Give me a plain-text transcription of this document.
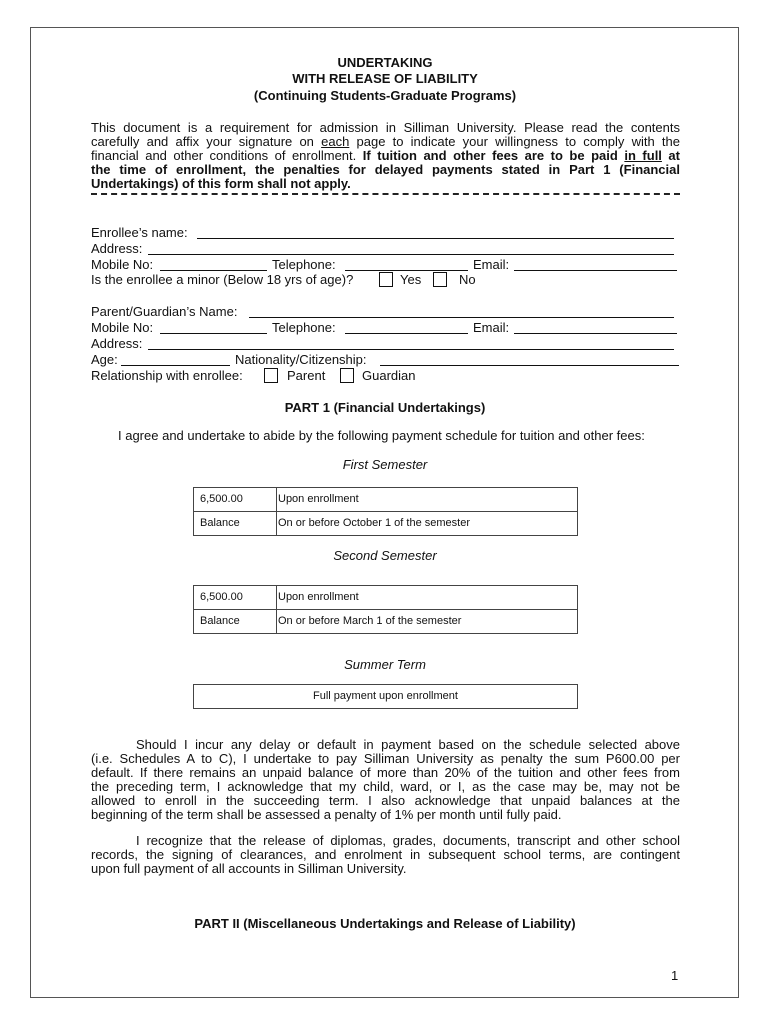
UNDERTAKING
WITH RELEASE OF LIABILITY
(Continuing Students-Graduate Programs)
This document is a requirement for admission in Silliman University. Please read the contents
carefully and affix your signature on each page to indicate your willingness to comply with the
financial and other conditions of enrollment. If tuition and other fees are to be paid in full at
the time of enrollment, the penalties for delayed payments stated in Part 1 (Financial
Undertakings) of this form shall not apply.
Enrollee’s name:
Address:
Mobile No:	Telephone:	Email:
Is the enrollee a minor (Below 18 yrs of age)?	Yes	No
Parent/Guardian’s Name:
Mobile No:	Telephone:	Email:
Address:
Age:	Nationality/Citizenship:
Relationship with enrollee:	Parent	Guardian
PART 1 (Financial Undertakings)
I agree and undertake to abide by the following payment schedule for tuition and other fees:
First Semester
6,500.00	Upon enrollment
Balance	On or before October 1 of the semester
Second Semester
6,500.00	Upon enrollment
Balance	On or before March 1 of the semester
Summer Term
Full payment upon enrollment
Should I incur any delay or default in payment based on the schedule selected above
(i.e. Schedules A to C), I undertake to pay Silliman University as penalty the sum P600.00 per
default. If there remains an unpaid balance of more than 20% of the tuition and other fees from
the preceding term, I acknowledge that my child, ward, or I, as the case may be, may not be
allowed to enroll in the succeeding term. I also acknowledge that unpaid balances at the
beginning of the term shall be assessed a penalty of 1% per month until fully paid.
I recognize that the release of diplomas, grades, documents, transcript and other school
records, the signing of clearances, and enrolment in subsequent school terms, are contingent
upon full payment of all accounts in Silliman University.
PART II (Miscellaneous Undertakings and Release of Liability)
1
